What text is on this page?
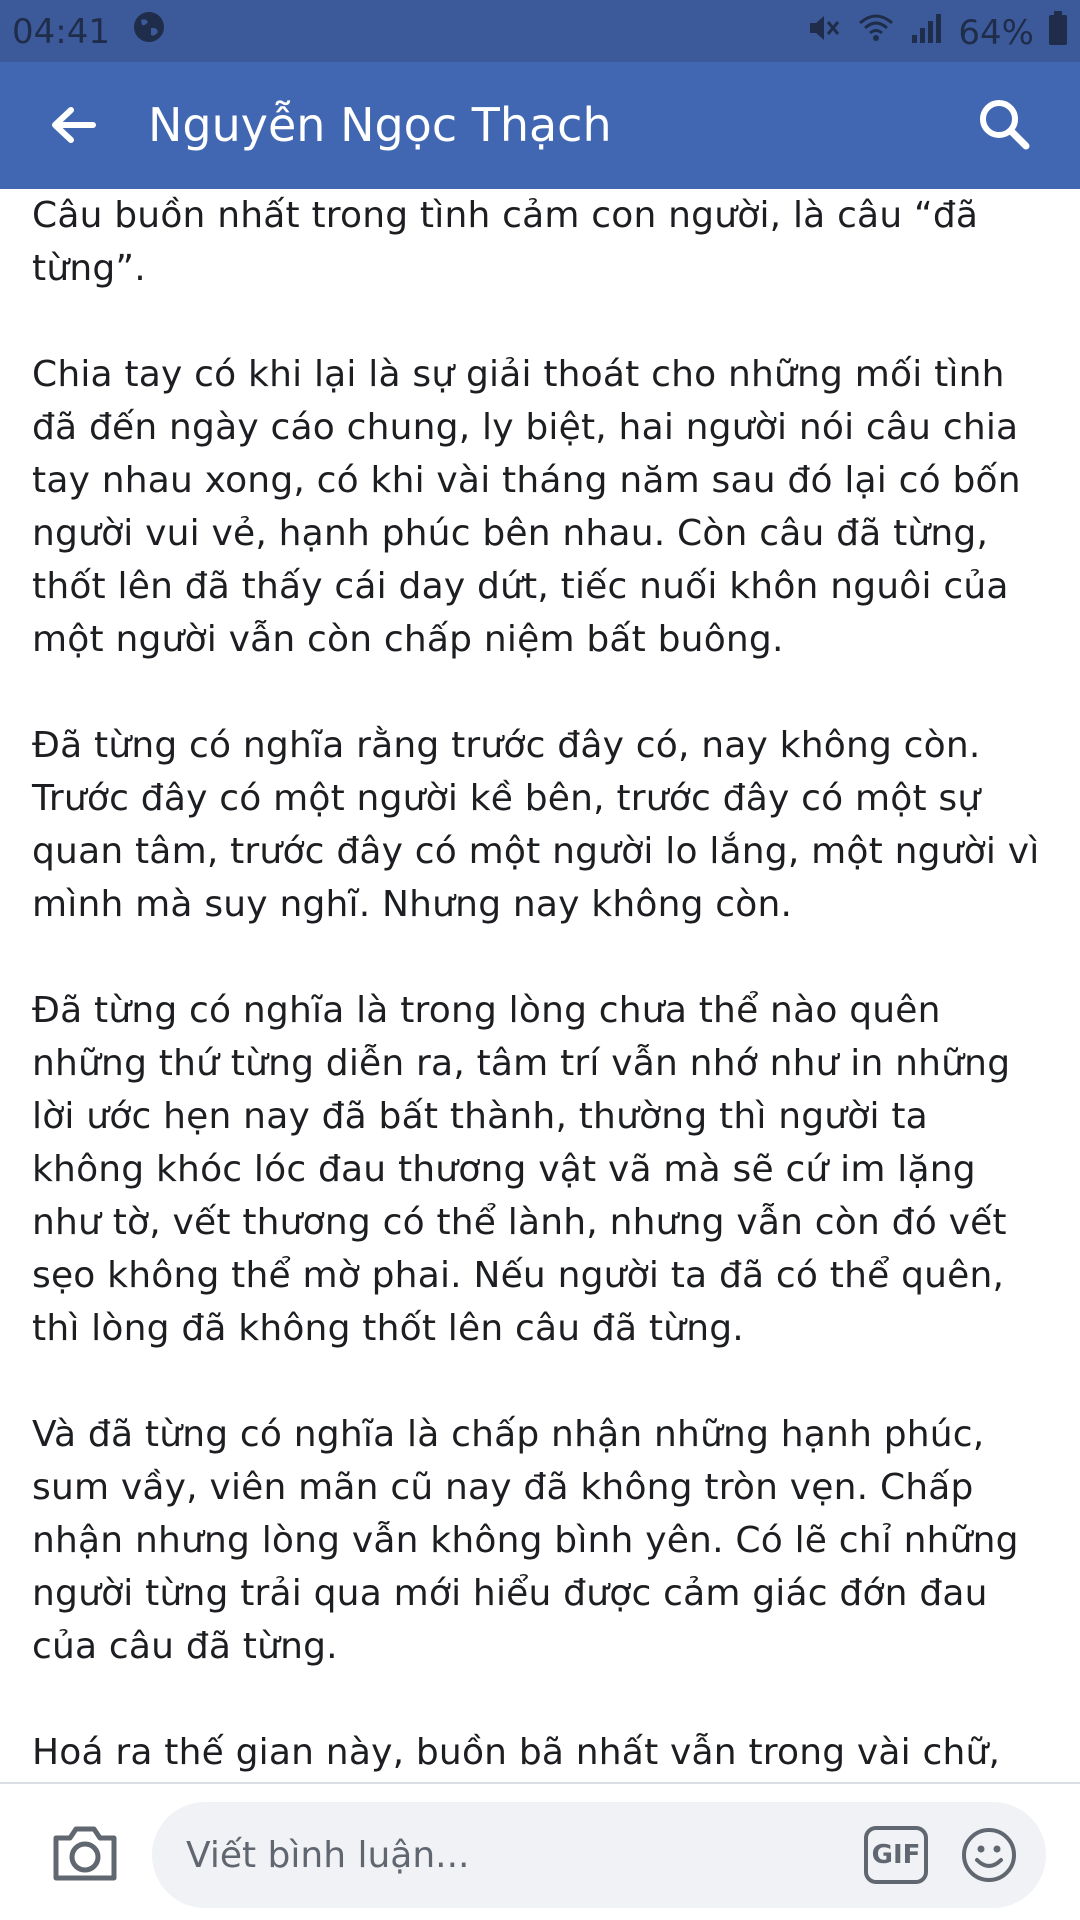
04:41	64%
Nguyễn Ngọc Thạch

Câu buồn nhất trong tình cảm con người, là câu “đã từng”.

Chia tay có khi lại là sự giải thoát cho những mối tình đã đến ngày cáo chung, ly biệt, hai người nói câu chia tay nhau xong, có khi vài tháng năm sau đó lại có bốn người vui vẻ, hạnh phúc bên nhau. Còn câu đã từng, thốt lên đã thấy cái day dứt, tiếc nuối khôn nguôi của một người vẫn còn chấp niệm bất buông.

Đã từng có nghĩa rằng trước đây có, nay không còn. Trước đây có một người kề bên, trước đây có một sự quan tâm, trước đây có một người lo lắng, một người vì mình mà suy nghĩ. Nhưng nay không còn.

Đã từng có nghĩa là trong lòng chưa thể nào quên những thứ từng diễn ra, tâm trí vẫn nhớ như in những lời ước hẹn nay đã bất thành, thường thì người ta không khóc lóc đau thương vật vã mà sẽ cứ im lặng như tờ, vết thương có thể lành, nhưng vẫn còn đó vết sẹo không thể mờ phai. Nếu người ta đã có thể quên, thì lòng đã không thốt lên câu đã từng.

Và đã từng có nghĩa là chấp nhận những hạnh phúc, sum vầy, viên mãn cũ nay đã không tròn vẹn. Chấp nhận nhưng lòng vẫn không bình yên. Có lẽ chỉ những người từng trải qua mới hiểu được cảm giác đớn đau của câu đã từng.

Hoá ra thế gian này, buồn bã nhất vẫn trong vài chữ,

Viết bình luận...
GIF
